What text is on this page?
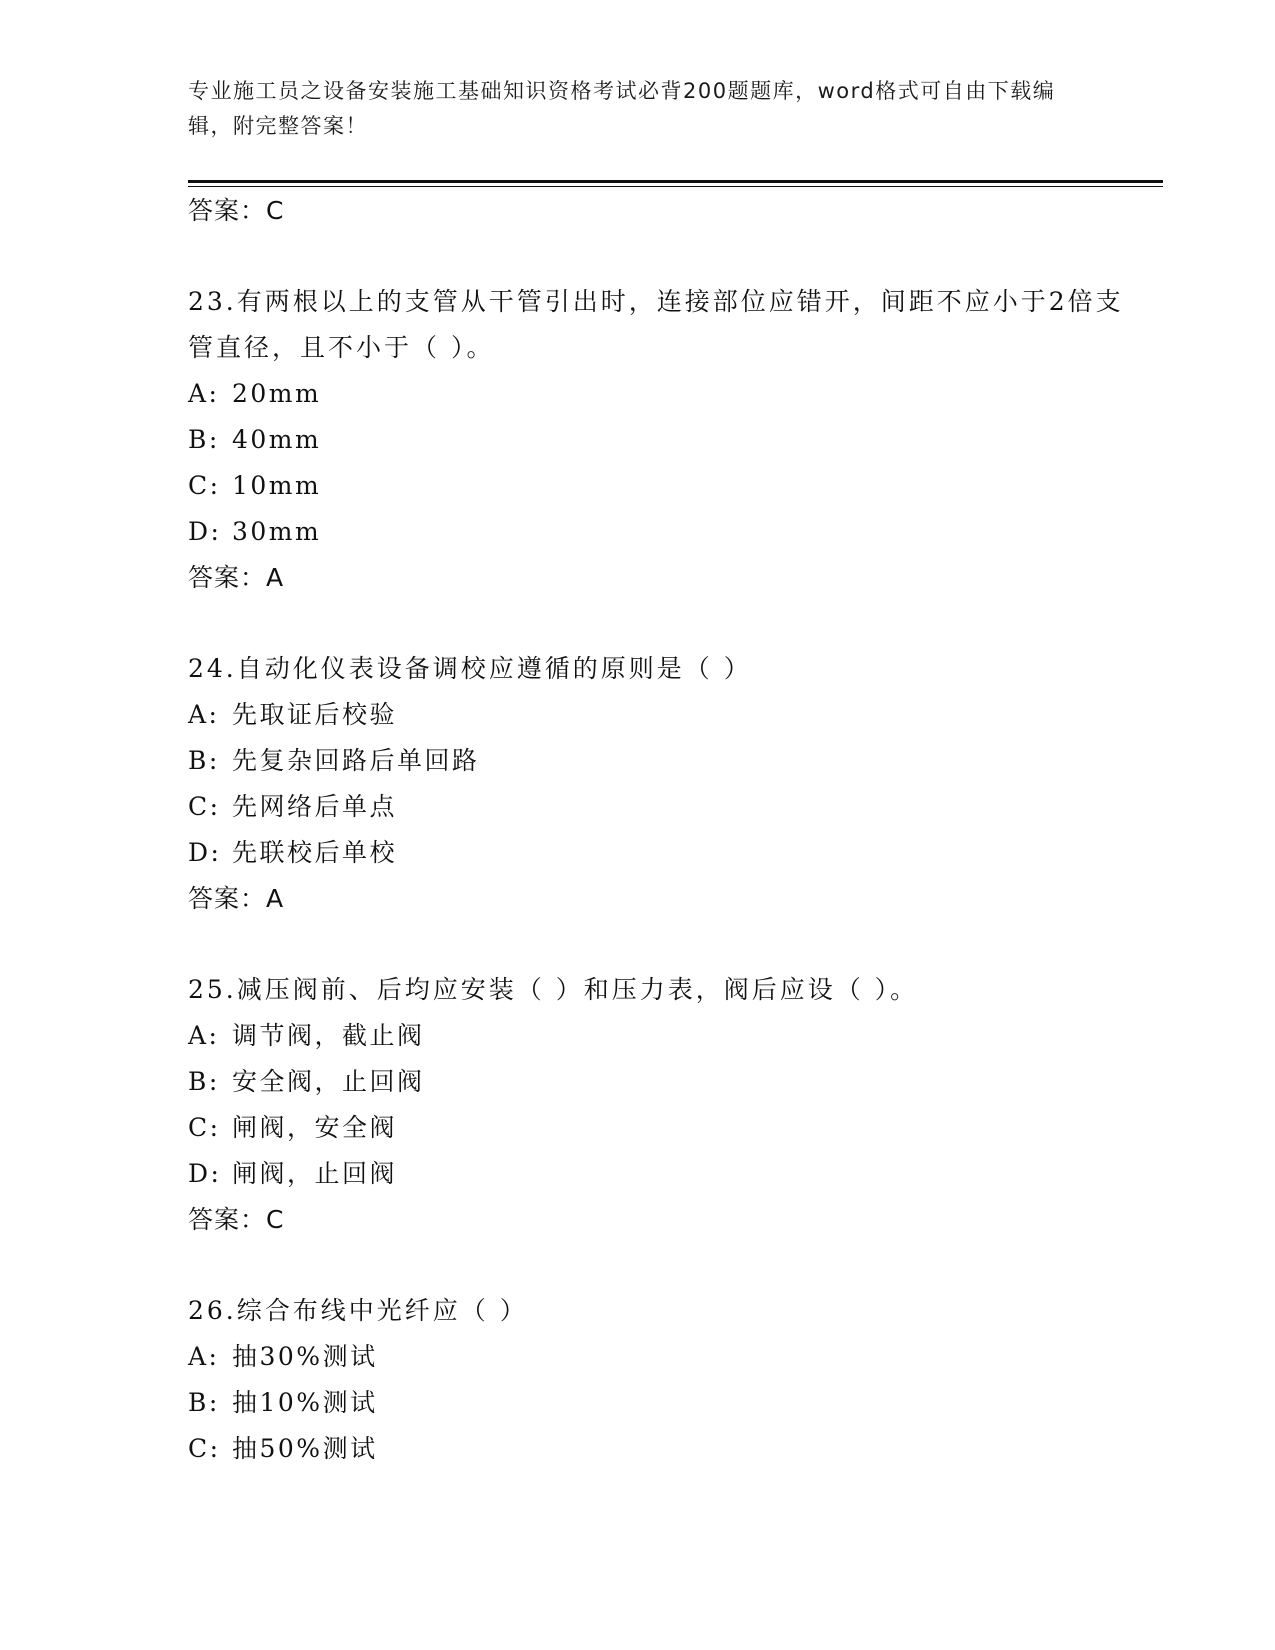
专业施工员之设备安装施工基础知识资格考试必背200题题库，word格式可自由下载编辑，附完整答案！
答案：C
23.有两根以上的支管从干管引出时，连接部位应错开，间距不应小于2倍支管直径，且不小于（ ）。
A: 20mm
B: 40mm
C: 10mm
D: 30mm
答案：A
24.自动化仪表设备调校应遵循的原则是（ ）
A: 先取证后校验
B: 先复杂回路后单回路
C: 先网络后单点
D: 先联校后单校
答案：A
25.减压阀前、后均应安装（ ）和压力表，阀后应设（ ）。
A: 调节阀，截止阀
B: 安全阀，止回阀
C: 闸阀，安全阀
D: 闸阀，止回阀
答案：C
26.综合布线中光纤应（ ）
A: 抽30%测试
B: 抽10%测试
C: 抽50%测试
